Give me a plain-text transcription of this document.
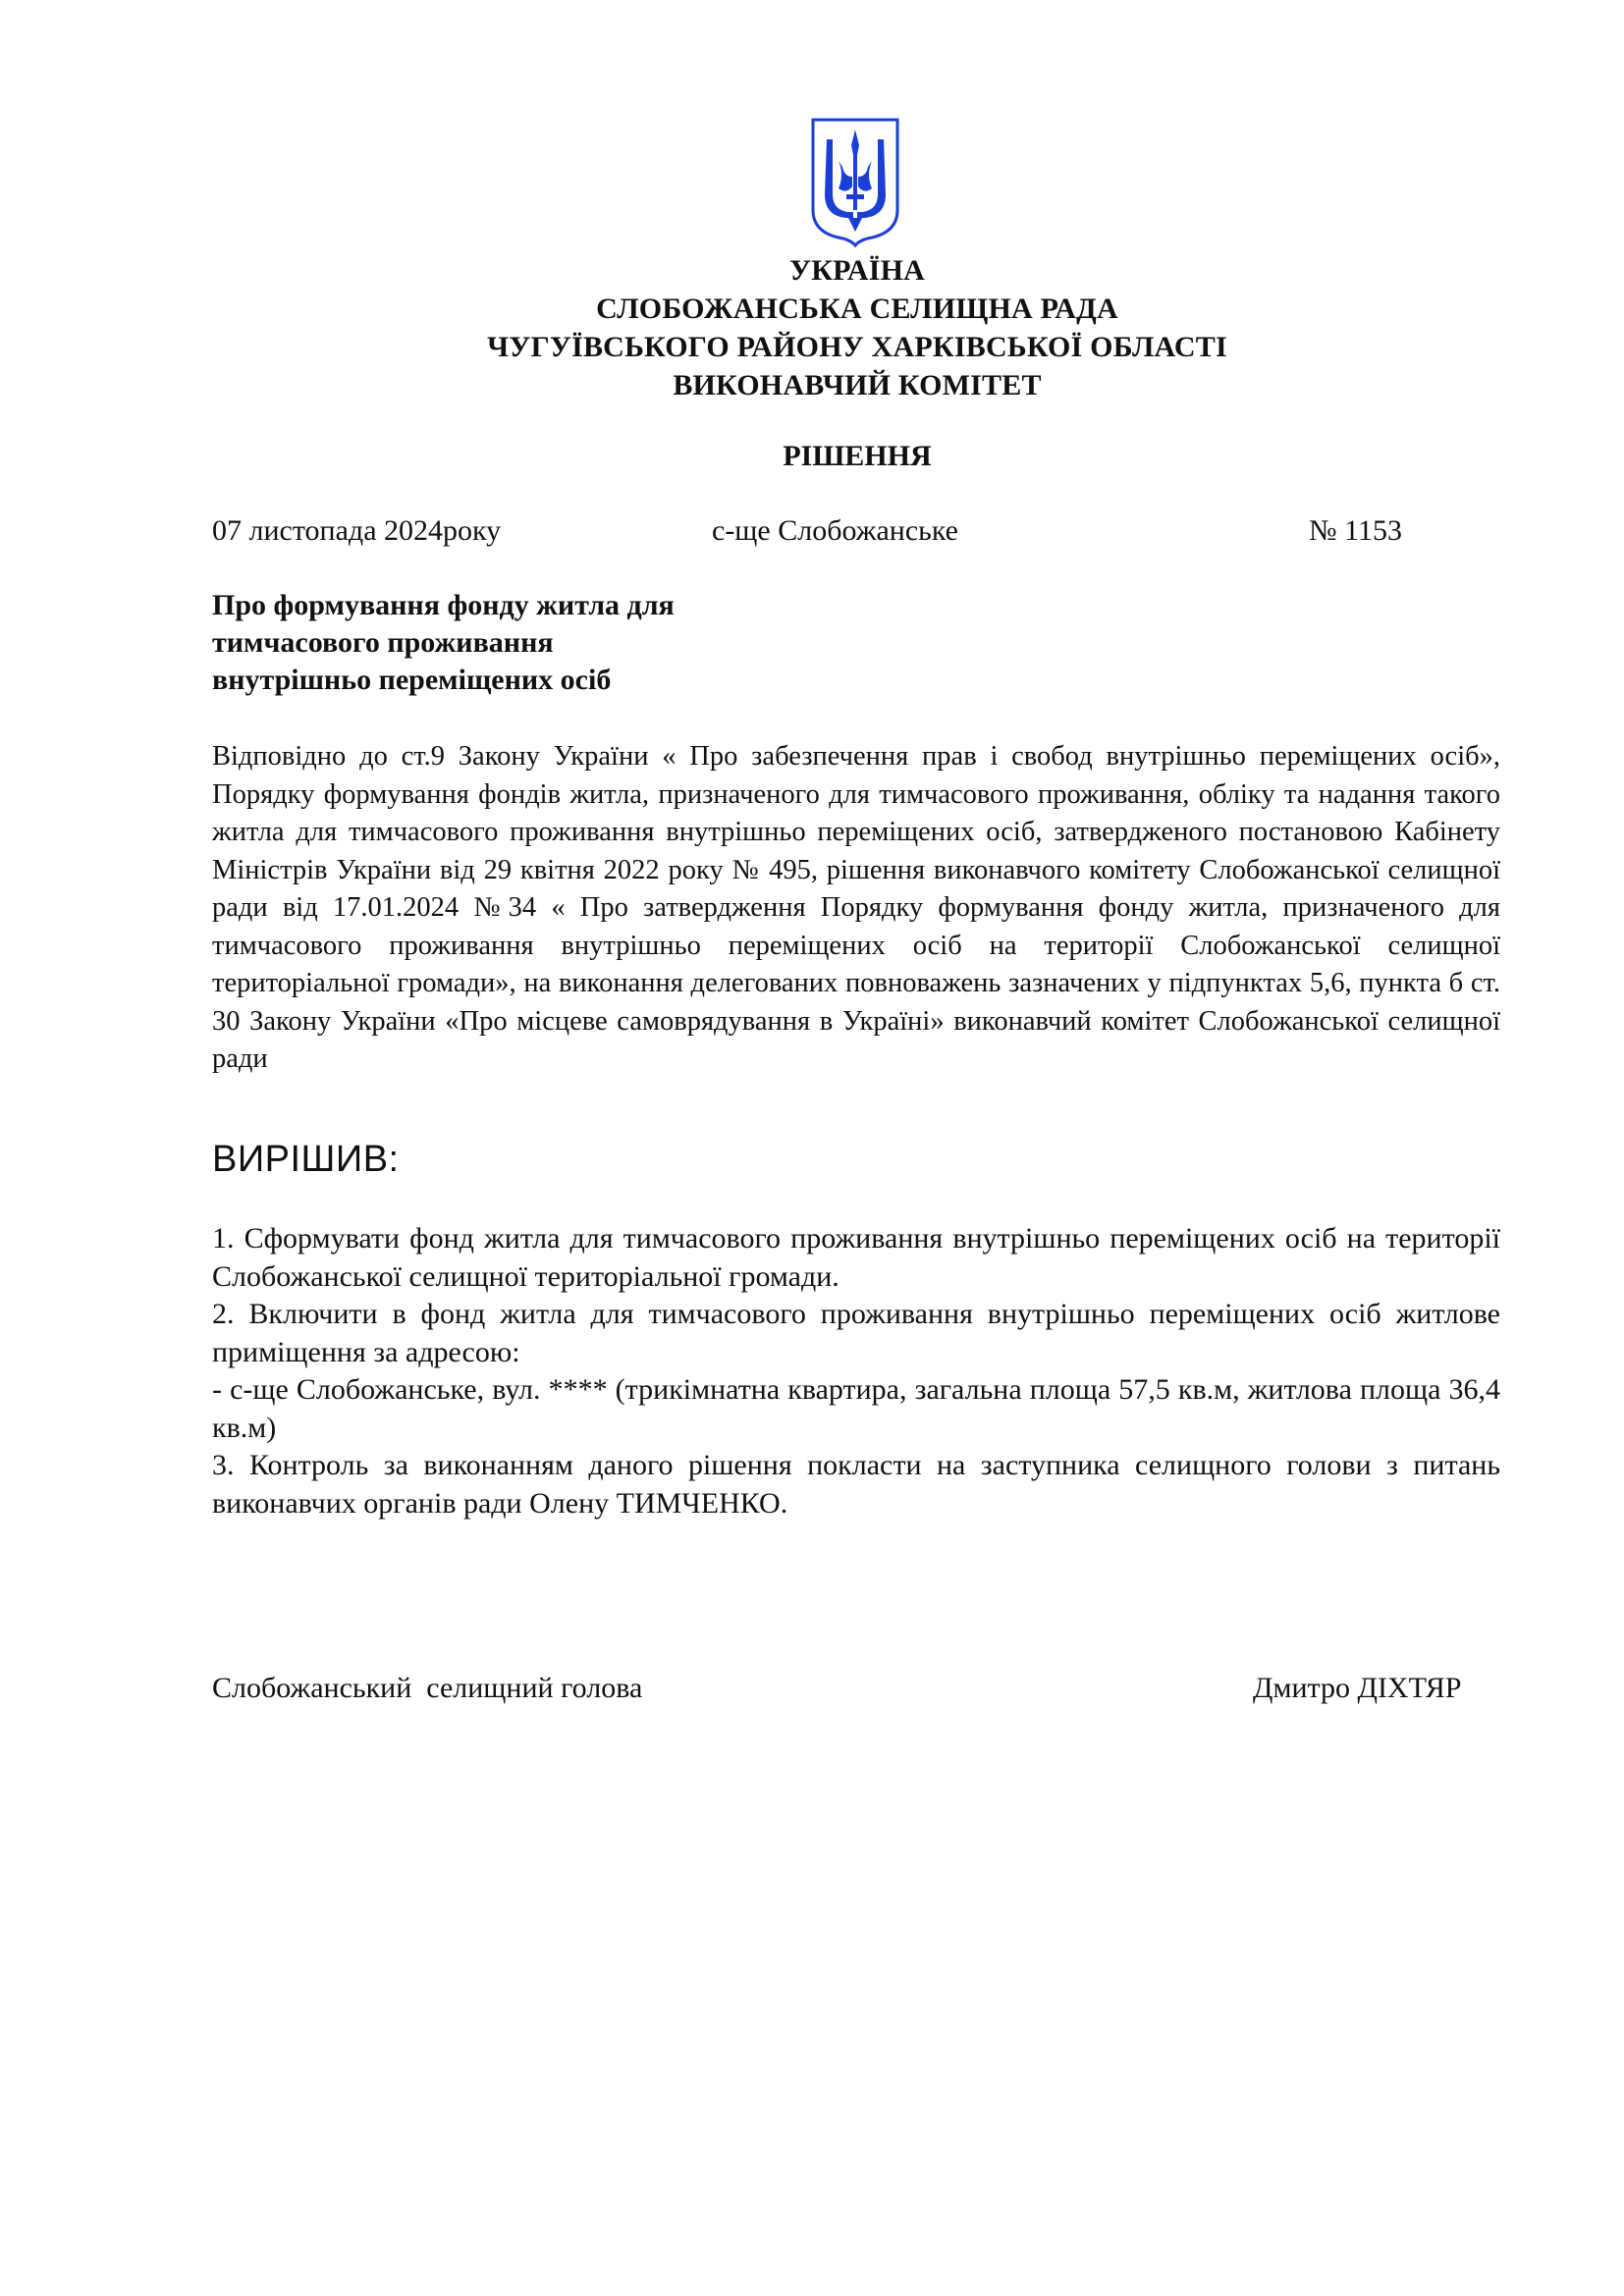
УКРАЇНА
СЛОБОЖАНСЬКА СЕЛИЩНА РАДА
ЧУГУЇВСЬКОГО РАЙОНУ ХАРКІВСЬКОЇ ОБЛАСТІ
ВИКОНАВЧИЙ КОМІТЕТ
РІШЕННЯ
07 листопада 2024року	с-ще Слобожанське	№ 1153
Про формування фонду житла для
тимчасового проживання
внутрішньо переміщених осіб
Відповідно до ст.9 Закону України « Про забезпечення прав і свобод внутрішньо переміщених осіб», Порядку формування фондів житла, призначеного для тимчасового проживання, обліку та надання такого житла для тимчасового проживання внутрішньо переміщених осіб, затвердженого постановою Кабінету Міністрів України від 29 квітня 2022 року № 495, рішення виконавчого комітету Слобожанської селищної ради від 17.01.2024 №34 « Про затвердження Порядку формування фонду житла, призначеного для тимчасового проживання внутрішньо переміщених осіб на території Слобожанської селищної територіальної громади», на виконання делегованих повноважень зазначених у підпунктах 5,6, пункта б ст. 30 Закону України «Про місцеве самоврядування в Україні» виконавчий комітет Слобожанської селищної ради
ВИРІШИВ:

1. Сформувати фонд житла для тимчасового проживання внутрішньо переміщених осіб на території Слобожанської селищної територіальної громади.

2. Включити в фонд житла для тимчасового проживання внутрішньо переміщених осіб житлове приміщення за адресою:

- с-ще Слобожанське, вул. **** (трикімнатна квартира, загальна площа 57,5 кв.м, житлова площа 36,4 кв.м)

3. Контроль за виконанням даного рішення покласти на заступника селищного голови з питань виконавчих органів ради Олену ТИМЧЕНКО.

Слобожанський  селищний голова	Дмитро ДІХТЯР
